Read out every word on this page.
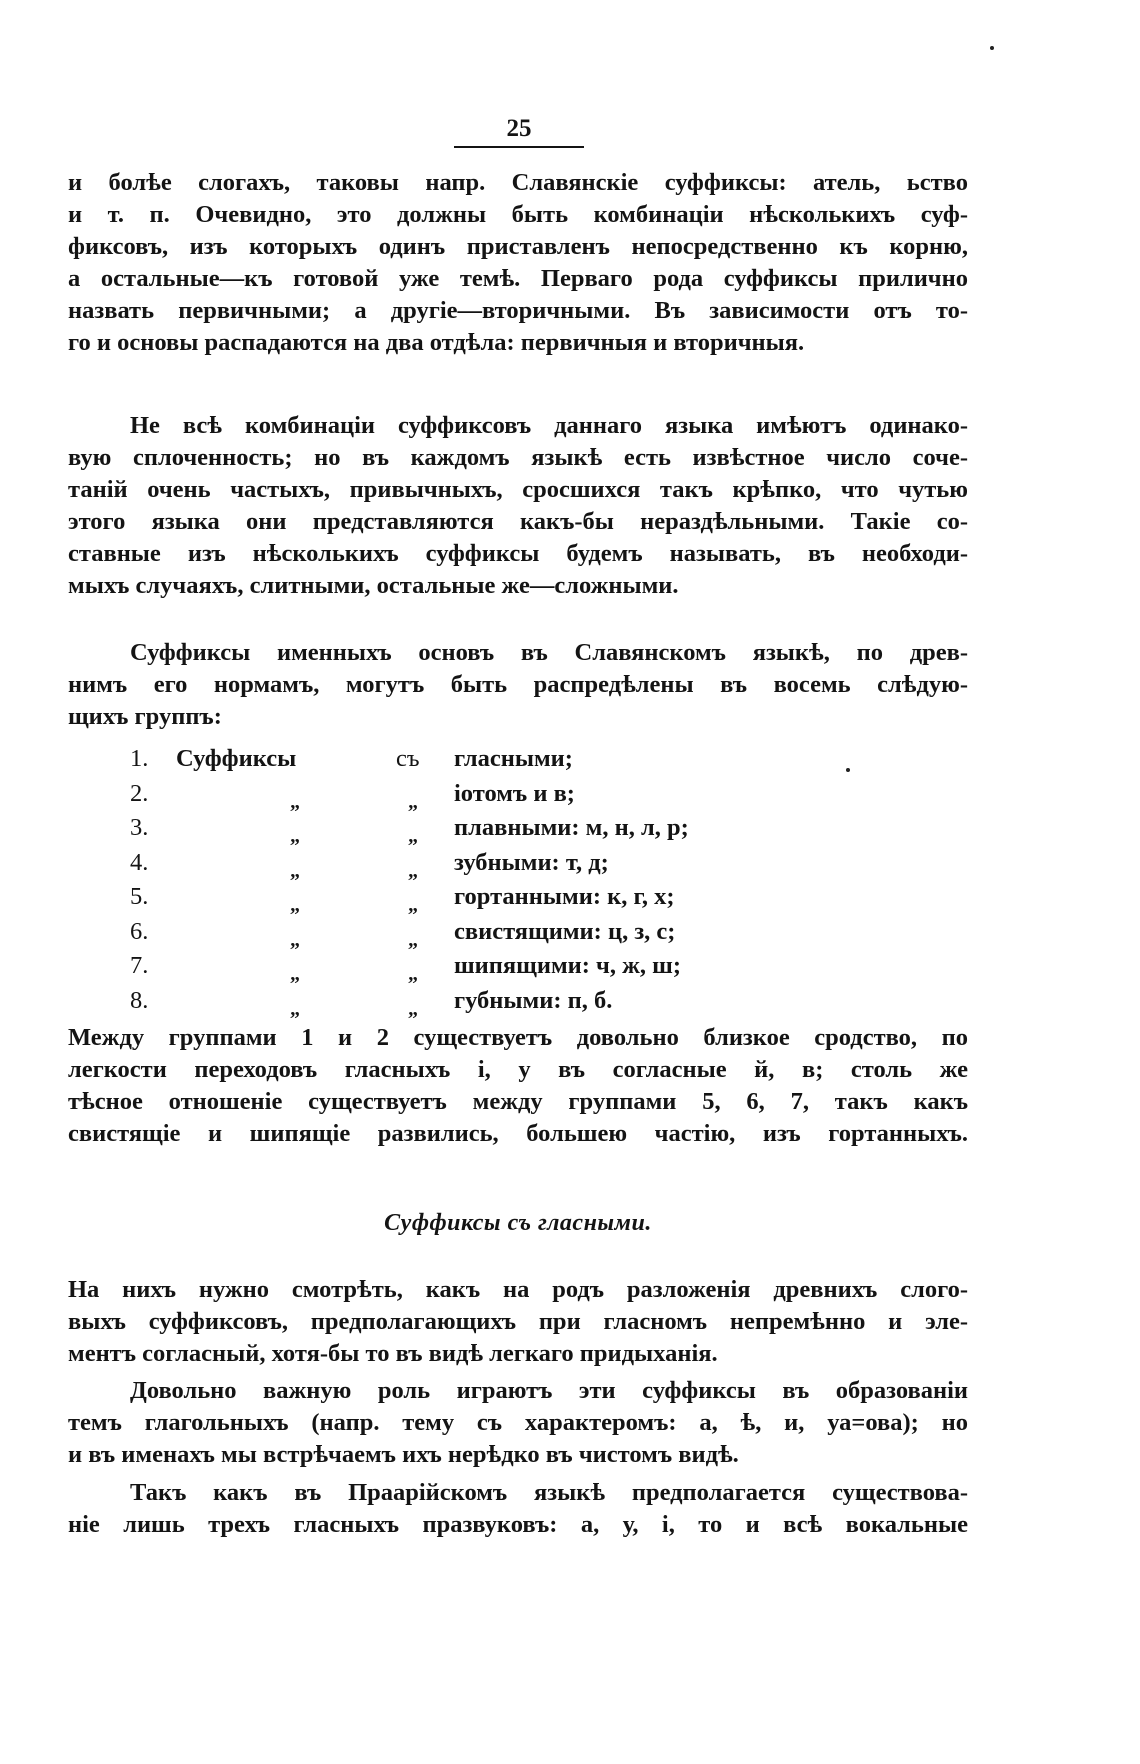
25
и болѣе слогахъ, таковы напр. Славянскіе суффиксы: атель, ьство
и т. п. Очевидно, это должны быть комбинаціи нѣсколькихъ суф-
фиксовъ, изъ которыхъ одинъ приставленъ непосредственно къ корню,
а остальные—къ готовой уже темѣ. Перваго рода суффиксы прилично
назвать первичными; а другіе—вторичными. Въ зависимости отъ то-
го и основы распадаются на два отдѣла: первичныя и вторичныя.
Не всѣ комбинаціи суффиксовъ даннаго языка имѣютъ одинако-
вую сплоченность; но въ каждомъ языкѣ есть извѣстное число соче-
таній очень частыхъ, привычныхъ, сросшихся такъ крѣпко, что чутью
этого языка они представляются какъ-бы нераздѣльными. Такіе со-
ставные изъ нѣсколькихъ суффиксы будемъ называть, въ необходи-
мыхъ случаяхъ, слитными, остальные же—сложными.
Суффиксы именныхъ основъ въ Славянскомъ языкѣ, по древ-
нимъ его нормамъ, могутъ быть распредѣлены въ восемь слѣдую-
щихъ группъ:
1. Суффиксы	съ гласными;
2.	„	„ іотомъ и в;
3.	„	„ плавными: м, н, л, р;
4.	„	„ зубными: т, д;
5.	„	„ гортанными: к, г, х;
6.	„	„ свистящими: ц, з, с;
7.	„	„ шипящими: ч, ж, ш;
8.	„	„ губными: п, б.
Между группами 1 и 2 существуетъ довольно близкое сродство, по
легкости переходовъ гласныхъ і, у въ согласные й, в; столь же
тѣсное отношеніе существуетъ между группами 5, 6, 7, такъ какъ
свистящіе и шипящіе развились, большею частію, изъ гортанныхъ.
Суффиксы съ гласными.
На нихъ нужно смотрѣть, какъ на родъ разложенія древнихъ слого-
выхъ суффиксовъ, предполагающихъ при гласномъ непремѣнно и эле-
ментъ согласный, хотя-бы то въ видѣ легкаго придыханія.
Довольно важную роль играютъ эти суффиксы въ образованіи
темъ глагольныхъ (напр. тему съ характеромъ: а, ѣ, и, уа=ова); но
и въ именахъ мы встрѣчаемъ ихъ нерѣдко въ чистомъ видѣ.
Такъ какъ въ Праарійскомъ языкѣ предполагается существова-
ніе лишь трехъ гласныхъ празвуковъ: а, у, і, то и всѣ вокальные
